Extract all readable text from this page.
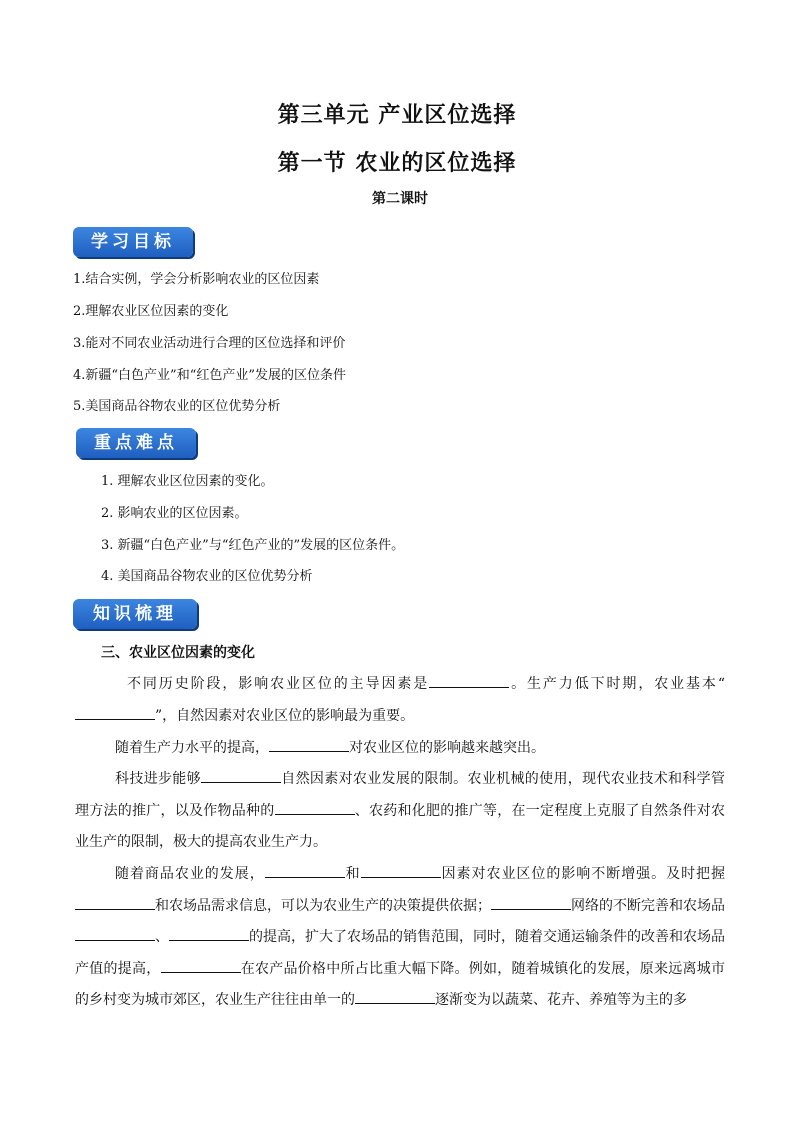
第三单元 产业区位选择
第一节 农业的区位选择
第二课时
学习目标
1.结合实例，学会分析影响农业的区位因素
2.理解农业区位因素的变化
3.能对不同农业活动进行合理的区位选择和评价
4.新疆“白色产业”和“红色产业”发展的区位条件
5.美国商品谷物农业的区位优势分析
重点难点
1. 理解农业区位因素的变化。
2. 影响农业的区位因素。
3. 新疆“白色产业”与“红色产业的”发展的区位条件。
4. 美国商品谷物农业的区位优势分析
知识梳理
三、农业区位因素的变化
不同历史阶段，影响农业区位的主导因素是	。生产力低下时期，农业基本“”，自然因素对农业区位的影响最为重要。
随着生产力水平的提高，	对农业区位的影响越来越突出。
科技进步能够	自然因素对农业发展的限制。农业机械的使用，现代农业技术和科学管理方法的推广，以及作物品种的	、农药和化肥的推广等，在一定程度上克服了自然条件对农业生产的限制，极大的提高农业生产力。
随着商品农业的发展，	和	因素对农业区位的影响不断增强。及时把握和农场品需求信息，可以为农业生产的决策提供依据；	网络的不断完善和农场品、	的提高，扩大了农场品的销售范围，同时，随着交通运输条件的改善和农场品产值的提高，	在农产品价格中所占比重大幅下降。例如，随着城镇化的发展，原来远离城市的乡村变为城市郊区，农业生产往往由单一的	逐渐变为以蔬菜、花卉、养殖等为主的多
